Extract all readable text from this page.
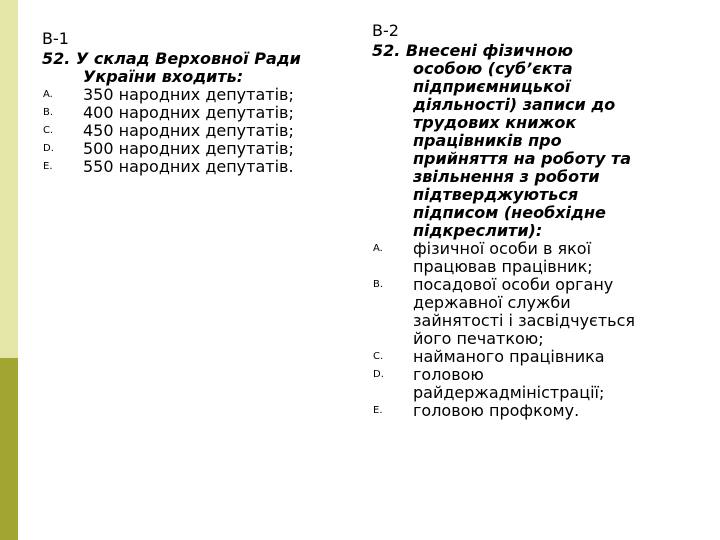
В-1

52. У склад Верховної Ради
України входить:

A. 350 народних депутатів;

B. 400 народних депутатів;

C. 450 народних депутатів;

D. 500 народних депутатів;

E. 550 народних депутатів.

В-2

52. Внесені фізичною
особою (суб’єкта
підприємницької
діяльності) записи до
трудових книжок
працівників про
прийняття на роботу та
звільнення з роботи
підтверджуються
підписом (необхідне
підкреслити):

A. фізичної особи в якої
працював працівник;

B. посадової особи органу
державної служби
зайнятості і засвідчується
його печаткою;

C. найманого працівника

D. головою
райдержадміністрації;

E. головою профкому.
